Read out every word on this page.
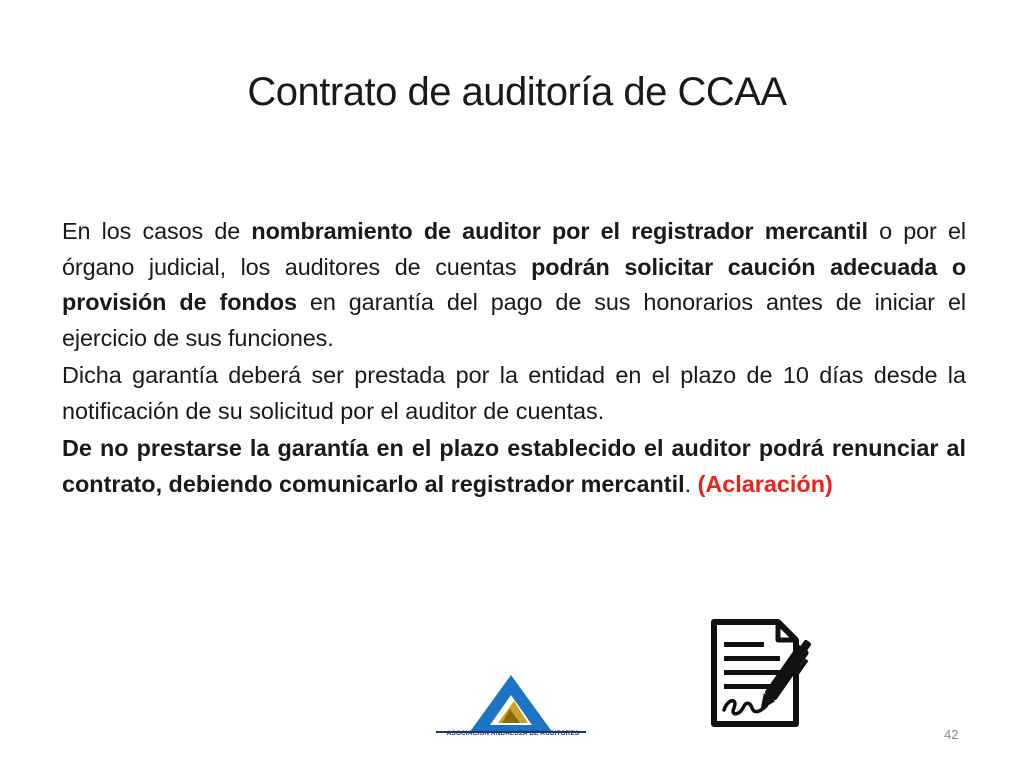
Contrato de auditoría de CCAA

En los casos de nombramiento de auditor por el registrador mercantil o por el órgano judicial, los auditores de cuentas podrán solicitar caución adecuada o provisión de fondos en garantía del pago de sus honorarios antes de iniciar el ejercicio de sus funciones.

Dicha garantía deberá ser prestada por la entidad en el plazo de 10 días desde la notificación de su solicitud por el auditor de cuentas.

De no prestarse la garantía en el plazo establecido el auditor podrá renunciar al contrato, debiendo comunicarlo al registrador mercantil. (Aclaración)

ASOCIACION ANDALUZA DE AUDITORES	42
